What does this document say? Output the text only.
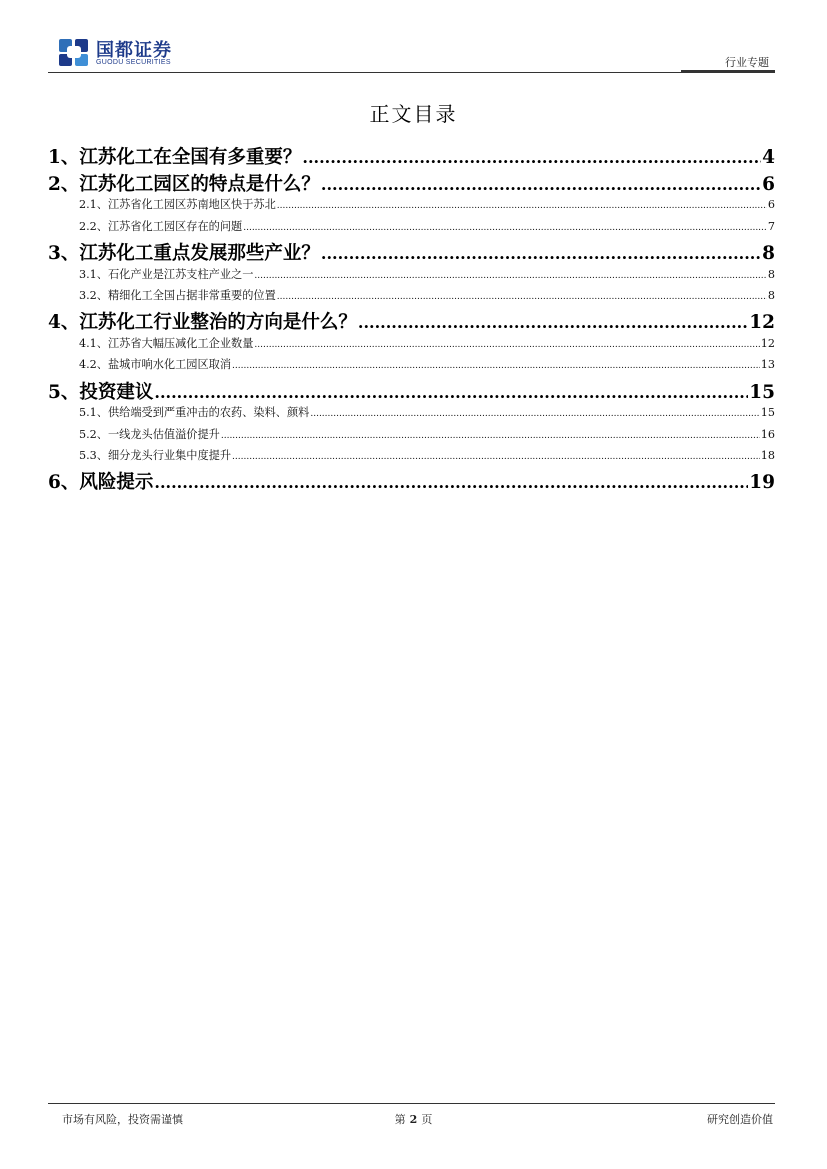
国都证券
GUODU SECURITIES	行业专题
正文目录
1、江苏化工在全国有多重要？ .....	4
2、江苏化工园区的特点是什么？ .....	6
2.1、江苏省化工园区苏南地区快于苏北 .....	6
2.2、江苏省化工园区存在的问题 .....	7
3、江苏化工重点发展那些产业？ .....	8
3.1、石化产业是江苏支柱产业之一 .....	8
3.2、精细化工全国占据非常重要的位置 .....	8
4、江苏化工行业整治的方向是什么？ .....	12
4.1、江苏省大幅压减化工企业数量 .....	12
4.2、盐城市响水化工园区取消 .....	13
5、投资建议 .....	15
5.1、供给端受到严重冲击的农药、染料、颜料 .....	15
5.2、一线龙头估值溢价提升 .....	16
5.3、细分龙头行业集中度提升 .....	18
6、风险提示 .....	19
市场有风险，投资需谨慎	第 2 页	研究创造价值
